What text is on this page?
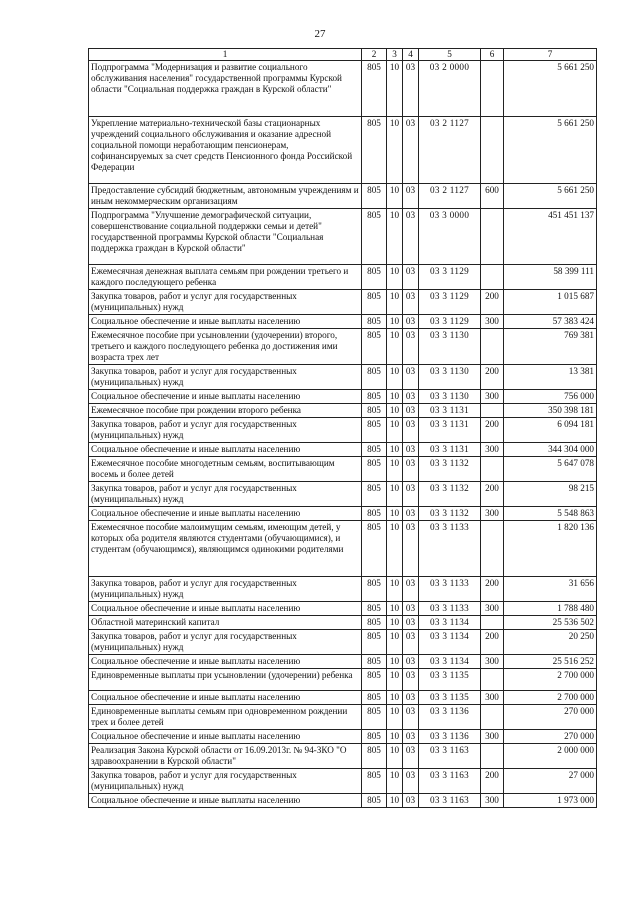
27
1	2	3	4	5	6	7
Подпрограмма "Модернизация и развитие социального обслуживания населения" государственной программы Курской области "Социальная поддержка граждан в Курской области"	805	10	03	03 2 0000		5 661 250
Укрепление материально-технической базы стационарных учреждений социального обслуживания и оказание адресной социальной помощи неработающим пенсионерам, софинансируемых за счет средств Пенсионного фонда Российской Федерации	805	10	03	03 2 1127		5 661 250
Предоставление субсидий бюджетным, автономным учреждениям и иным некоммерческим организациям	805	10	03	03 2 1127	600	5 661 250
Подпрограмма "Улучшение демографической ситуации, совершенствование социальной поддержки семьи и детей" государственной программы Курской области "Социальная поддержка граждан в Курской области"	805	10	03	03 3 0000		451 451 137
Ежемесячная денежная выплата семьям при рождении третьего и каждого последующего ребенка	805	10	03	03 3 1129		58 399 111
Закупка товаров, работ и услуг для государственных (муниципальных) нужд	805	10	03	03 3 1129	200	1 015 687
Социальное обеспечение и иные выплаты населению	805	10	03	03 3 1129	300	57 383 424
Ежемесячное пособие при усыновлении (удочерении) второго, третьего и каждого последующего ребенка до достижения ими возраста трех лет	805	10	03	03 3 1130		769 381
Закупка товаров, работ и услуг для государственных (муниципальных) нужд	805	10	03	03 3 1130	200	13 381
Социальное обеспечение и иные выплаты населению	805	10	03	03 3 1130	300	756 000
Ежемесячное пособие при рождении второго ребенка	805	10	03	03 3 1131		350 398 181
Закупка товаров, работ и услуг для государственных (муниципальных) нужд	805	10	03	03 3 1131	200	6 094 181
Социальное обеспечение и иные выплаты населению	805	10	03	03 3 1131	300	344 304 000
Ежемесячное пособие многодетным семьям, воспитывающим восемь и более детей	805	10	03	03 3 1132		5 647 078
Закупка товаров, работ и услуг для государственных (муниципальных) нужд	805	10	03	03 3 1132	200	98 215
Социальное обеспечение и иные выплаты населению	805	10	03	03 3 1132	300	5 548 863
Ежемесячное пособие малоимущим семьям, имеющим детей, у которых оба родителя являются студентами (обучающимися), и студентам (обучающимся), являющимся одинокими родителями	805	10	03	03 3 1133		1 820 136
Закупка товаров, работ и услуг для государственных (муниципальных) нужд	805	10	03	03 3 1133	200	31 656
Социальное обеспечение и иные выплаты населению	805	10	03	03 3 1133	300	1 788 480
Областной материнский капитал	805	10	03	03 3 1134		25 536 502
Закупка товаров, работ и услуг для государственных (муниципальных) нужд	805	10	03	03 3 1134	200	20 250
Социальное обеспечение и иные выплаты населению	805	10	03	03 3 1134	300	25 516 252
Единовременные выплаты при усыновлении (удочерении) ребенка	805	10	03	03 3 1135		2 700 000
Социальное обеспечение и иные выплаты населению	805	10	03	03 3 1135	300	2 700 000
Единовременные выплаты семьям при одновременном рождении трех и более детей	805	10	03	03 3 1136		270 000
Социальное обеспечение и иные выплаты населению	805	10	03	03 3 1136	300	270 000
Реализация Закона Курской области от 16.09.2013г. № 94-ЗКО "О здравоохранении в Курской области"	805	10	03	03 3 1163		2 000 000
Закупка товаров, работ и услуг для государственных (муниципальных) нужд	805	10	03	03 3 1163	200	27 000
Социальное обеспечение и иные выплаты населению	805	10	03	03 3 1163	300	1 973 000
